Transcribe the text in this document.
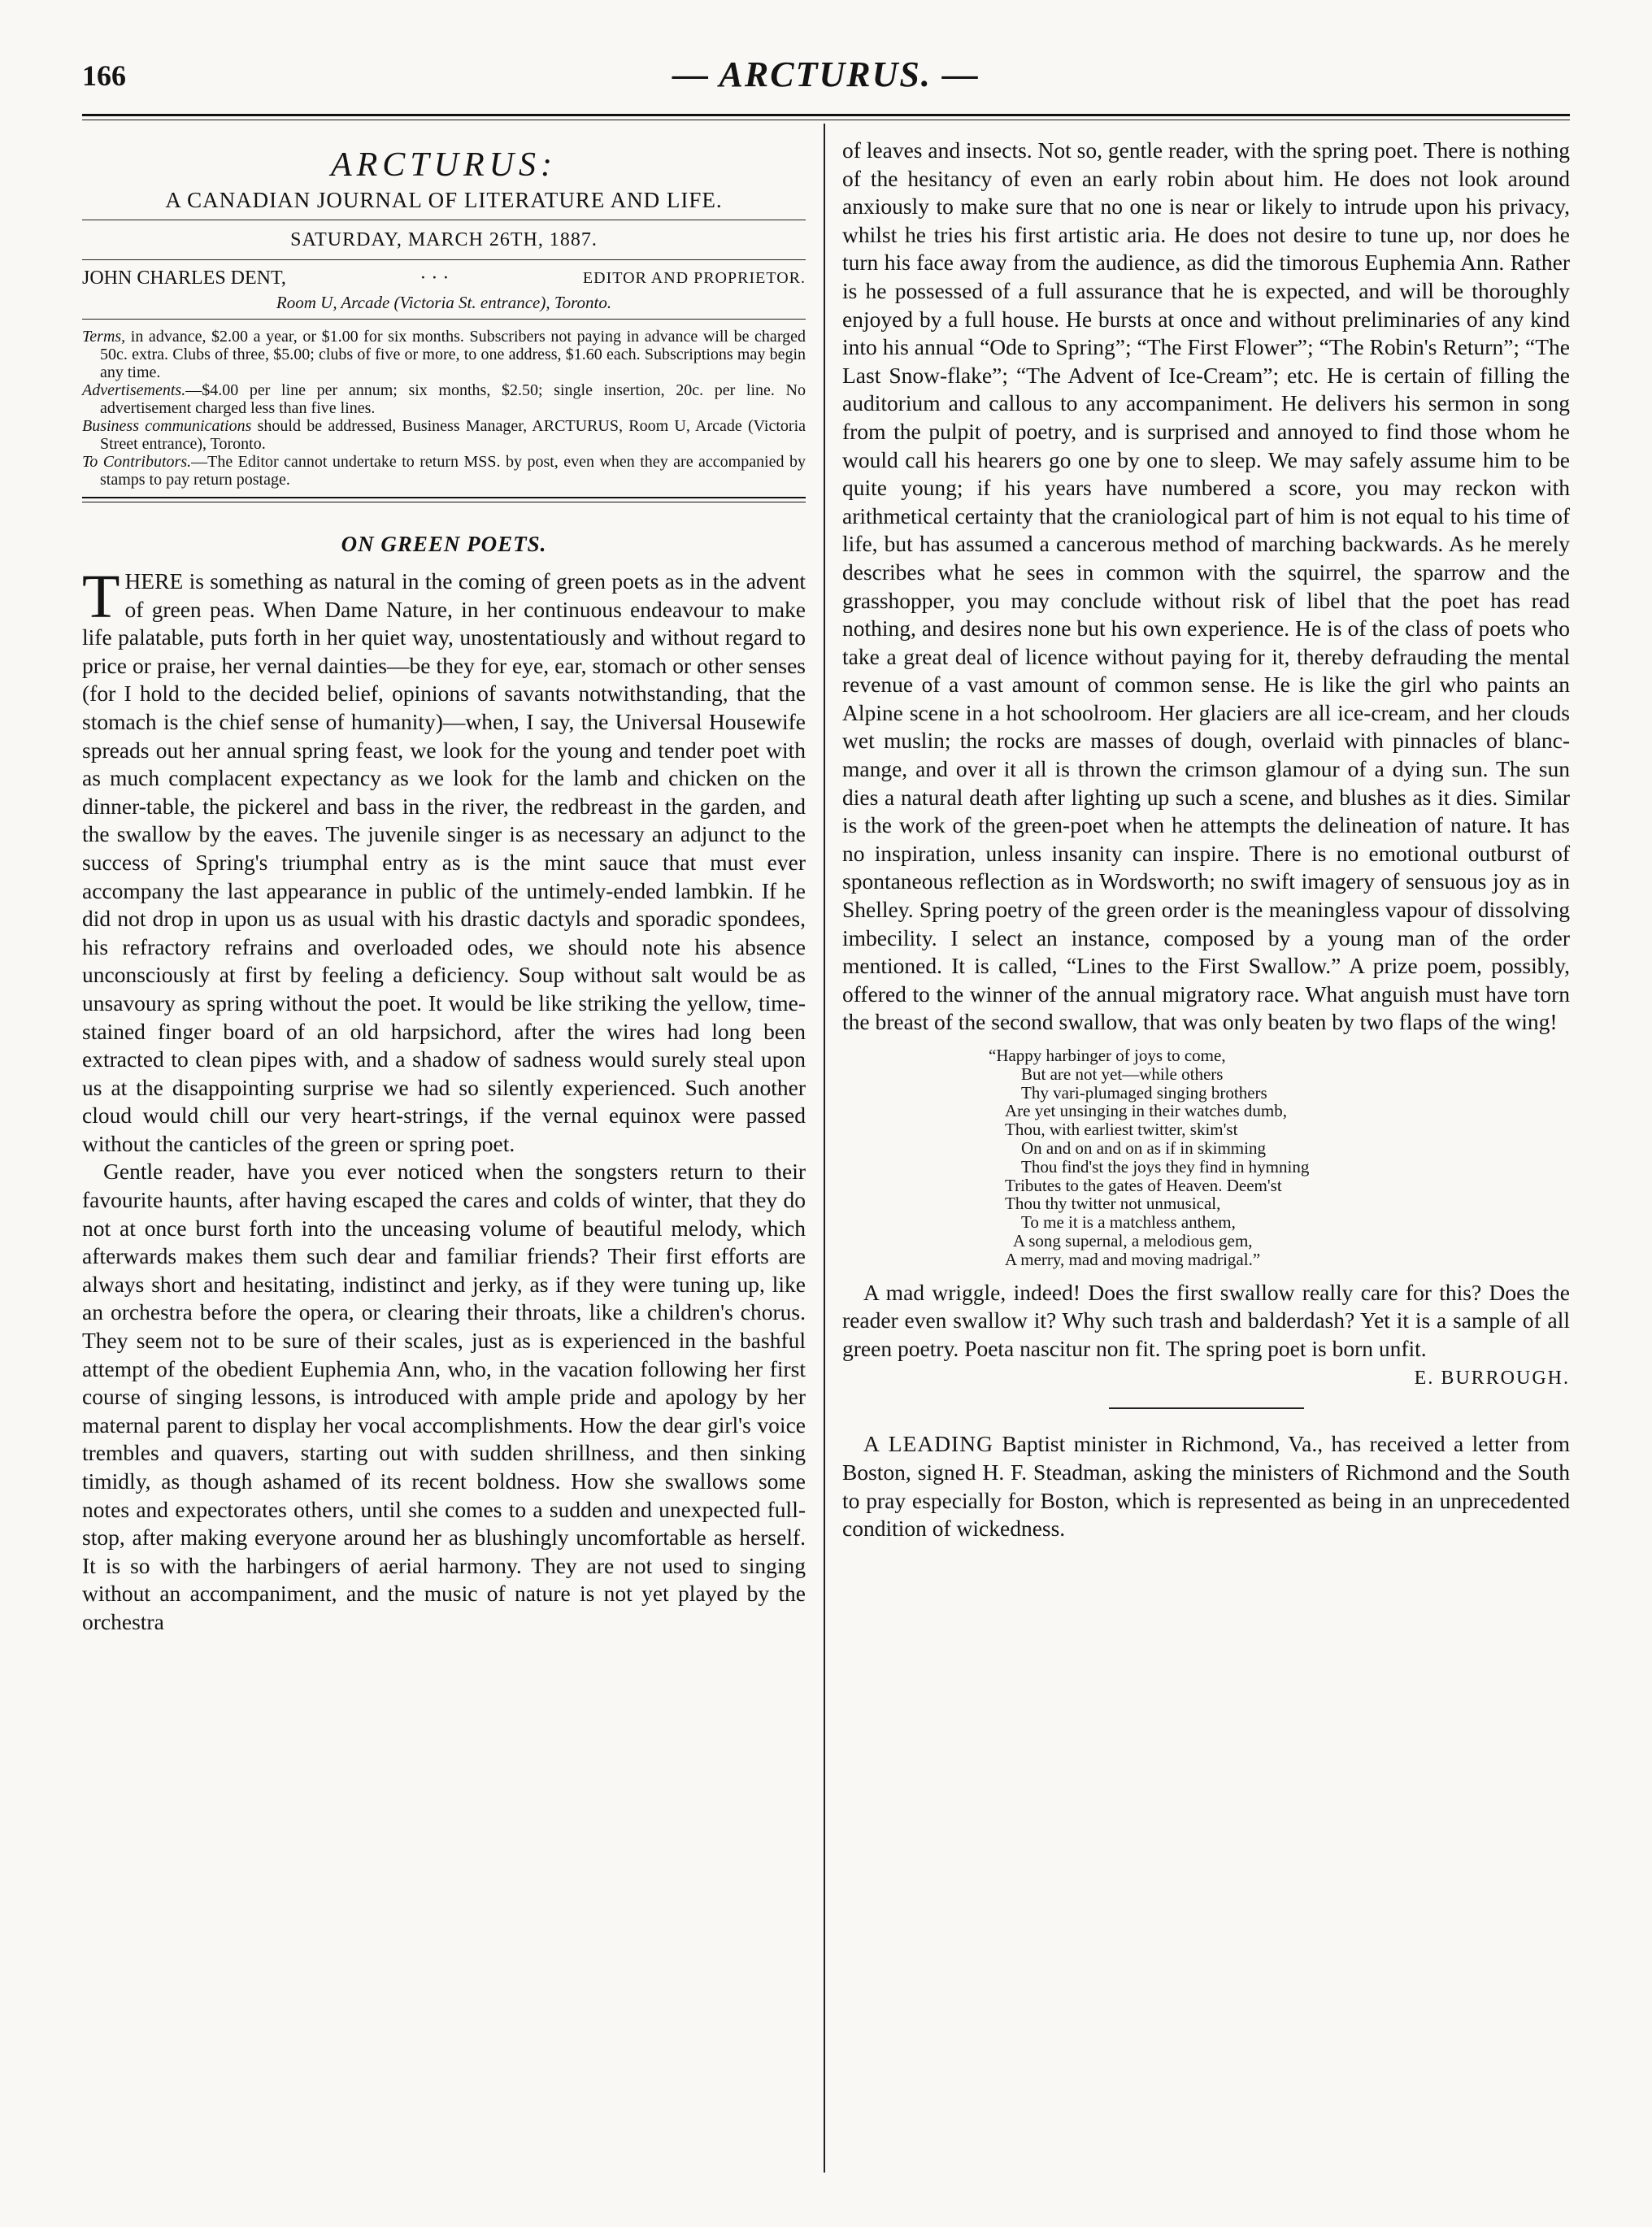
166	— ARCTURUS. —
ARCTURUS:
A CANADIAN JOURNAL OF LITERATURE AND LIFE.
SATURDAY, MARCH 26TH, 1887.
JOHN CHARLES DENT,	· · ·	EDITOR AND PROPRIETOR.
Room U, Arcade (Victoria St. entrance), Toronto.

Terms, in advance, $2.00 a year, or $1.00 for six months. Subscribers not paying in advance will be charged 50c. extra. Clubs of three, $5.00; clubs of five or more, to one address, $1.60 each. Subscriptions may begin any time.

Advertisements.—$4.00 per line per annum; six months, $2.50; single insertion, 20c. per line. No advertisement charged less than five lines.

Business communications should be addressed, Business Manager, ARCTURUS, Room U, Arcade (Victoria Street entrance), Toronto.

To Contributors.—The Editor cannot undertake to return MSS. by post, even when they are accompanied by stamps to pay return postage.

ON GREEN POETS.

THERE is something as natural in the coming of green poets as in the advent of green peas. When Dame Nature, in her continuous endeavour to make life palatable, puts forth in her quiet way, unostentatiously and without regard to price or praise, her vernal dainties—be they for eye, ear, stomach or other senses (for I hold to the decided belief, opinions of savants notwithstanding, that the stomach is the chief sense of humanity)—when, I say, the Universal Housewife spreads out her annual spring feast, we look for the young and tender poet with as much complacent expectancy as we look for the lamb and chicken on the dinner-table, the pickerel and bass in the river, the redbreast in the garden, and the swallow by the eaves. The juvenile singer is as necessary an adjunct to the success of Spring's triumphal entry as is the mint sauce that must ever accompany the last appearance in public of the untimely-ended lambkin. If he did not drop in upon us as usual with his drastic dactyls and sporadic spondees, his refractory refrains and overloaded odes, we should note his absence unconsciously at first by feeling a deficiency. Soup without salt would be as unsavoury as spring without the poet. It would be like striking the yellow, time-stained finger board of an old harpsichord, after the wires had long been extracted to clean pipes with, and a shadow of sadness would surely steal upon us at the disappointing surprise we had so silently experienced. Such another cloud would chill our very heart-strings, if the vernal equinox were passed without the canticles of the green or spring poet.

Gentle reader, have you ever noticed when the songsters return to their favourite haunts, after having escaped the cares and colds of winter, that they do not at once burst forth into the unceasing volume of beautiful melody, which afterwards makes them such dear and familiar friends? Their first efforts are always short and hesitating, indistinct and jerky, as if they were tuning up, like an orchestra before the opera, or clearing their throats, like a children's chorus. They seem not to be sure of their scales, just as is experienced in the bashful attempt of the obedient Euphemia Ann, who, in the vacation following her first course of singing lessons, is introduced with ample pride and apology by her maternal parent to display her vocal accomplishments. How the dear girl's voice trembles and quavers, starting out with sudden shrillness, and then sinking timidly, as though ashamed of its recent boldness. How she swallows some notes and expectorates others, until she comes to a sudden and unexpected full-stop, after making everyone around her as blushingly uncomfortable as herself. It is so with the harbingers of aerial harmony. They are not used to singing without an accompaniment, and the music of nature is not yet played by the orchestra

of leaves and insects. Not so, gentle reader, with the spring poet. There is nothing of the hesitancy of even an early robin about him. He does not look around anxiously to make sure that no one is near or likely to intrude upon his privacy, whilst he tries his first artistic aria. He does not desire to tune up, nor does he turn his face away from the audience, as did the timorous Euphemia Ann. Rather is he possessed of a full assurance that he is expected, and will be thoroughly enjoyed by a full house. He bursts at once and without preliminaries of any kind into his annual “Ode to Spring”; “The First Flower”; “The Robin's Return”; “The Last Snow-flake”; “The Advent of Ice-Cream”; etc. He is certain of filling the auditorium and callous to any accompaniment. He delivers his sermon in song from the pulpit of poetry, and is surprised and annoyed to find those whom he would call his hearers go one by one to sleep. We may safely assume him to be quite young; if his years have numbered a score, you may reckon with arithmetical certainty that the craniological part of him is not equal to his time of life, but has assumed a cancerous method of marching backwards. As he merely describes what he sees in common with the squirrel, the sparrow and the grasshopper, you may conclude without risk of libel that the poet has read nothing, and desires none but his own experience. He is of the class of poets who take a great deal of licence without paying for it, thereby defrauding the mental revenue of a vast amount of common sense. He is like the girl who paints an Alpine scene in a hot schoolroom. Her glaciers are all ice-cream, and her clouds wet muslin; the rocks are masses of dough, overlaid with pinnacles of blanc-mange, and over it all is thrown the crimson glamour of a dying sun. The sun dies a natural death after lighting up such a scene, and blushes as it dies. Similar is the work of the green-poet when he attempts the delineation of nature. It has no inspiration, unless insanity can inspire. There is no emotional outburst of spontaneous reflection as in Wordsworth; no swift imagery of sensuous joy as in Shelley. Spring poetry of the green order is the meaningless vapour of dissolving imbecility. I select an instance, composed by a young man of the order mentioned. It is called, “Lines to the First Swallow.” A prize poem, possibly, offered to the winner of the annual migratory race. What anguish must have torn the breast of the second swallow, that was only beaten by two flaps of the wing!

“Happy harbinger of joys to come,
But are not yet—while others
Thy vari-plumaged singing brothers
Are yet unsinging in their watches dumb,
Thou, with earliest twitter, skim'st
On and on and on as if in skimming
Thou find'st the joys they find in hymning
Tributes to the gates of Heaven. Deem'st
Thou thy twitter not unmusical,
To me it is a matchless anthem,
A song supernal, a melodious gem,
A merry, mad and moving madrigal.”

A mad wriggle, indeed! Does the first swallow really care for this? Does the reader even swallow it? Why such trash and balderdash? Yet it is a sample of all green poetry. Poeta nascitur non fit. The spring poet is born unfit.

E. BURROUGH.

A LEADING Baptist minister in Richmond, Va., has received a letter from Boston, signed H. F. Steadman, asking the ministers of Richmond and the South to pray especially for Boston, which is represented as being in an unprecedented condition of wickedness.
